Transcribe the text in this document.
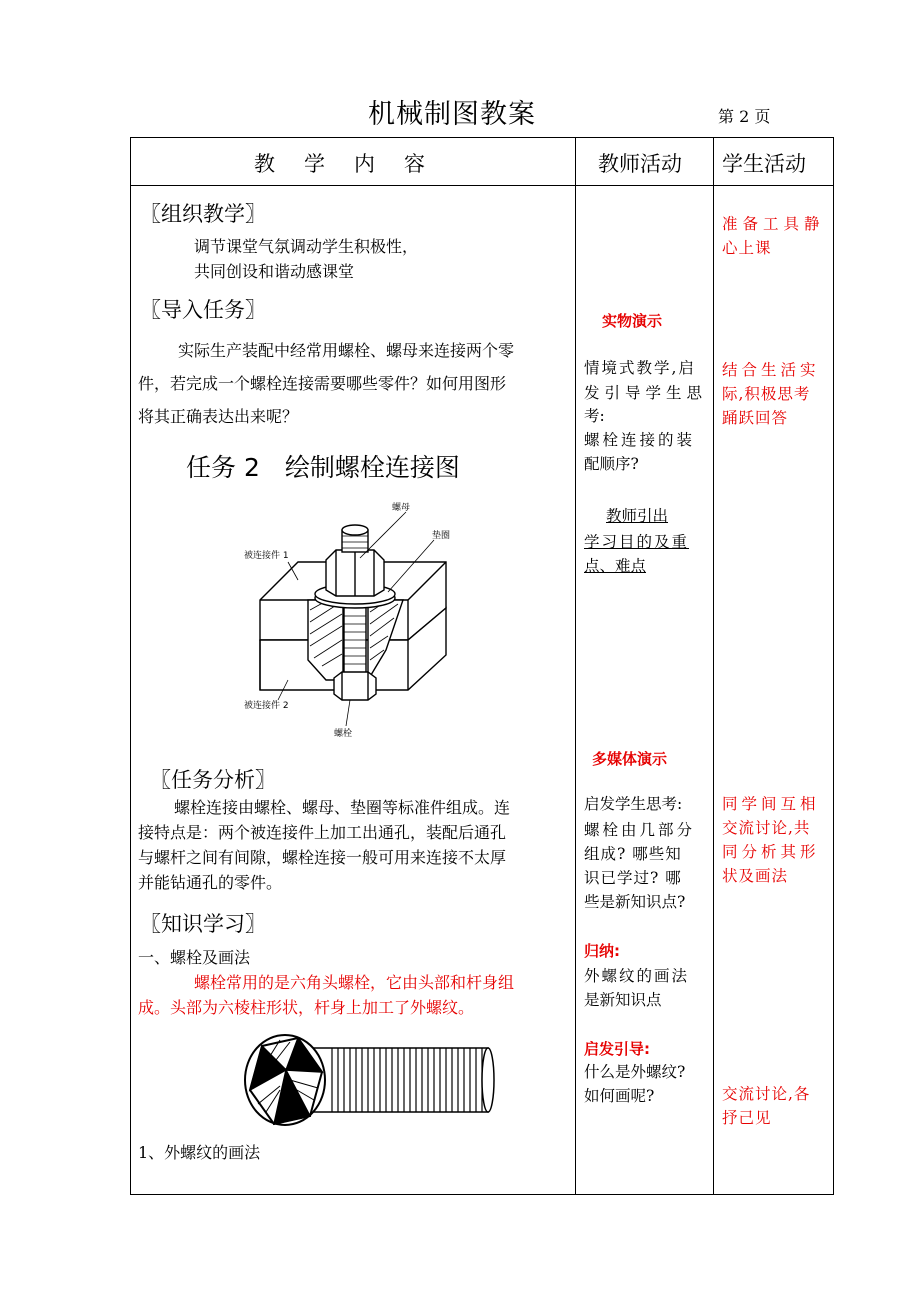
机械制图教案	第 2 页
教　学　内　容	教师活动 学生活动
〖组织教学〗
调节课堂气氛调动学生积极性，
共同创设和谐动感课堂
〖导入任务〗
实际生产装配中经常用螺栓、螺母来连接两个零
件，若完成一个螺栓连接需要哪些零件？如何用图形
将其正确表达出来呢？
任务 2　绘制螺栓连接图
螺母
垫圈
被连接件 1
被连接件 2
螺栓
〖任务分析〗
螺栓连接由螺栓、螺母、垫圈等标准件组成。连
接特点是：两个被连接件上加工出通孔，装配后通孔
与螺杆之间有间隙，螺栓连接一般可用来连接不太厚
并能钻通孔的零件。
〖知识学习〗
一、螺栓及画法
螺栓常用的是六角头螺栓，它由头部和杆身组
成。头部为六棱柱形状，杆身上加工了外螺纹。
1、外螺纹的画法
实物演示
情境式教学,启
发引导学生思
考:
螺栓连接的装
配顺序?
教师引出
学习目的及重
点、难点
多媒体演示
启发学生思考:
螺栓由几部分
组成? 哪些知
识已学过? 哪
些是新知识点?
归纳:
外螺纹的画法
是新知识点
启发引导:
什么是外螺纹?
如何画呢?
准备工具静
心上课
结合生活实
际,积极思考
踊跃回答
同学间互相
交流讨论,共
同分析其形
状及画法
交流讨论,各
抒己见
